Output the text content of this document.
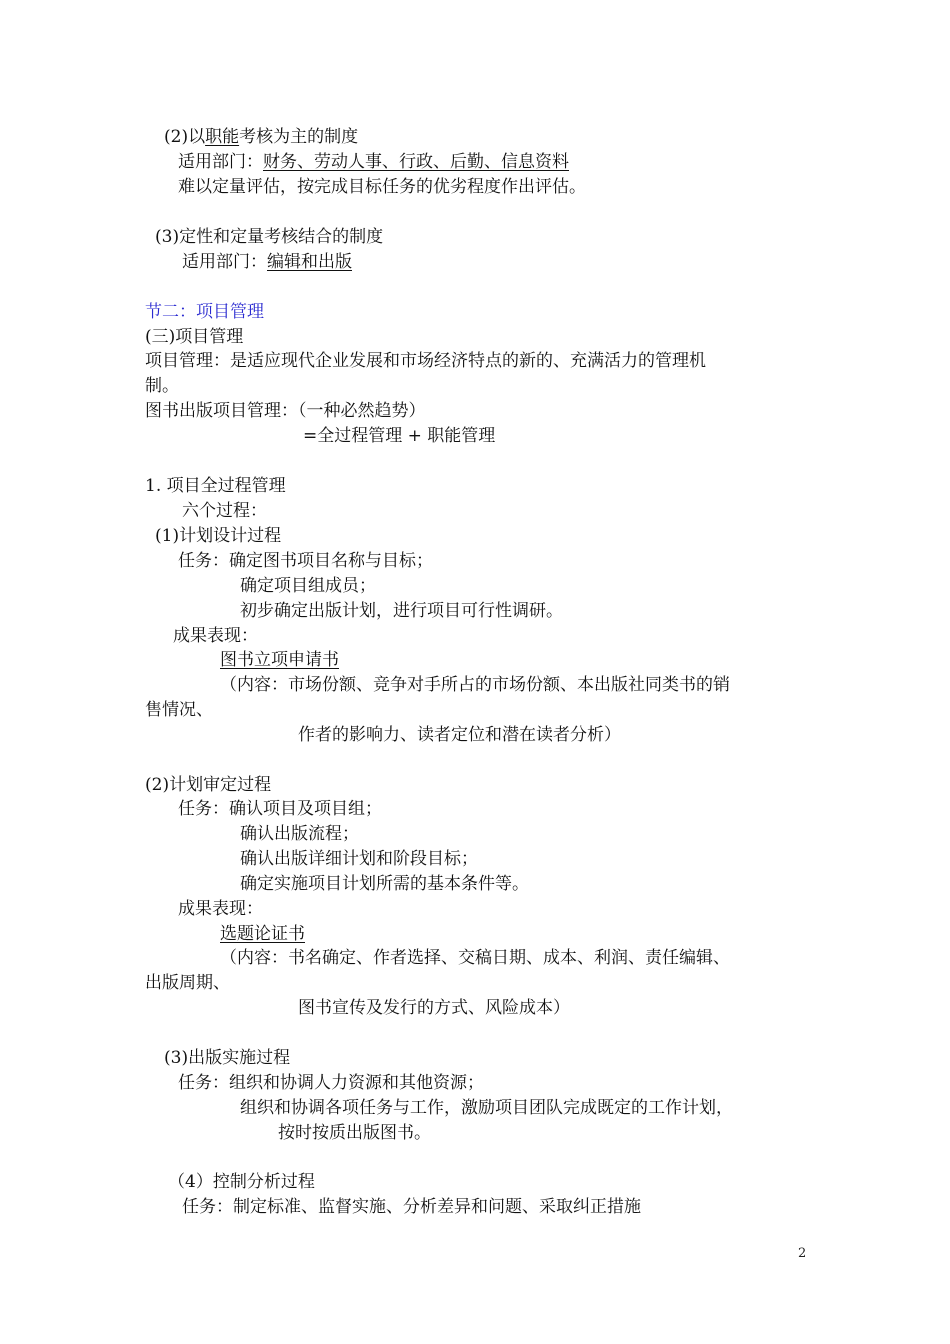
(2)以职能考核为主的制度
适用部门：财务、劳动人事、行政、后勤、信息资料
难以定量评估，按完成目标任务的优劣程度作出评估。
(3)定性和定量考核结合的制度
适用部门：编辑和出版
节二：项目管理
(三)项目管理
项目管理：是适应现代企业发展和市场经济特点的新的、充满活力的管理机
制。
图书出版项目管理：（一种必然趋势）
=全过程管理 + 职能管理
1. 项目全过程管理
六个过程：
(1)计划设计过程
任务：确定图书项目名称与目标；
确定项目组成员；
初步确定出版计划，进行项目可行性调研。
成果表现：
图书立项申请书
（内容：市场份额、竞争对手所占的市场份额、本出版社同类书的销
售情况、
作者的影响力、读者定位和潜在读者分析）
(2)计划审定过程
任务：确认项目及项目组；
确认出版流程；
确认出版详细计划和阶段目标；
确定实施项目计划所需的基本条件等。
成果表现：
选题论证书
（内容：书名确定、作者选择、交稿日期、成本、利润、责任编辑、
出版周期、
图书宣传及发行的方式、风险成本）
(3)出版实施过程
任务：组织和协调人力资源和其他资源；
组织和协调各项任务与工作，激励项目团队完成既定的工作计划，
按时按质出版图书。
（4）控制分析过程
任务：制定标准、监督实施、分析差异和问题、采取纠正措施
2
